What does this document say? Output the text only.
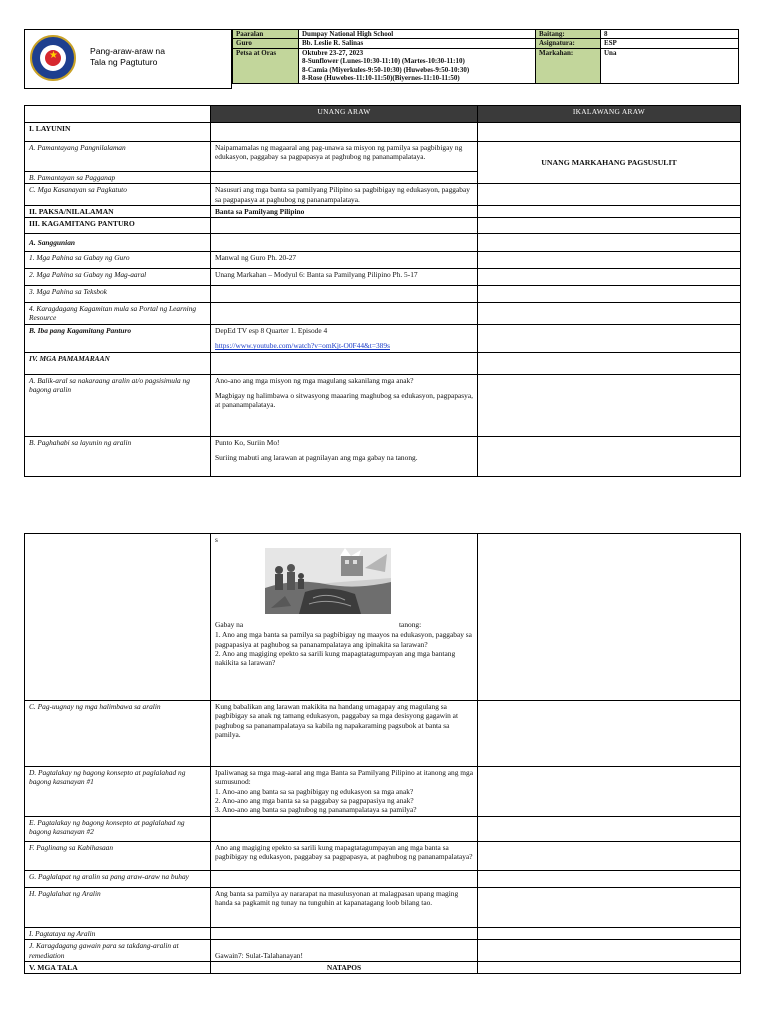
★	Pang-araw-araw na
Tala ng Pagtuturo
Paaralan	Dumpay National High School	Baitang:	8
Guro	Bb. Leslie R. Salinas	Asignatura:	ESP
Petsa at Oras	Oktubre 23-27, 2023
8-Sunflower (Lunes-10:30-11:10) (Martes-10:30-11:10)
8-Camia (Miyerkules-9:50-10:30) (Huwebes-9:50-10:30)
8-Rose (Huwebes-11:10-11:50)(Biyernes-11:10-11:50)	Markahan:	Una
	UNANG ARAW	IKALAWANG ARAW
I. LAYUNIN		
A. Pamantayang Pangnilalaman	Naipamamalas ng magaaral ang pag-unawa sa misyon ng pamilya sa pagbibigay ng edukasyon, paggabay sa pagpapasya at paghubog ng pananampalataya.	UNANG MARKAHANG PAGSUSULIT
B. Pamantayan sa Pagganap		
C. Mga Kasanayan sa Pagkatuto	Nasusuri ang mga banta sa pamilyang Pilipino sa pagbibigay ng edukasyon, paggabay sa pagpapasya at paghubog ng pananampalataya.	
II. PAKSA/NILALAMAN	Banta sa Pamilyang Pilipino	
III. KAGAMITANG PANTURO		
A. Sanggunian		
1. Mga Pahina sa Gabay ng Guro	Manwal ng Guro Ph. 20-27	
2. Mga Pahina sa Gabay ng Mag-aaral	Unang Markahan – Modyul 6: Banta sa Pamilyang Pilipino Ph. 5-17	
3. Mga Pahina sa Teksbok		
4. Karagdagang Kagamitan mula sa Portal ng Learning Resource		
B. Iba pang Kagamitang Panturo	DepEd TV esp 8 Quarter 1. Episode 4

https://www.youtube.com/watch?v=omKjt-O0F44&t=389s	
IV. MGA PAMAMARAAN		
A. Balik-aral sa nakaraang aralin at/o pagsisimula ng bagong aralin	Ano-ano ang mga misyon ng mga magulang sakanilang mga anak?

Magbigay ng halimbawa o sitwasyong maaaring maghubog sa edukasyon, pagpapasya, at pananampalataya.	

B. Paghahabi sa layunin ng aralin	Punto Ko, Suriin Mo!

Suriing mabuti ang larawan at pagnilayan ang mga gabay na tanong.	

	s
Gabay na tanong:

1. Ano ang mga banta sa pamilya sa pagbibigay ng maayos na edukasyon, paggabay sa pagpapasiya at paghubog sa pananampalataya ang ipinakita sa larawan?

2. Ano ang magiging epekto sa sarili kung mapagtatagumpayan ang mga bantang nakikita sa larawan?	

C. Pag-uugnay ng mga halimbawa sa aralin	Kung babalikan ang larawan makikita na handang umagapay ang magulang sa pagbibigay sa anak ng tamang edukasyon, paggabay sa mga desisyong gagawin at paghubog sa pananampalataya sa kabila ng napakaraming pagsubok at banta sa pamilya.	
D. Pagtalakay ng bagong konsepto at paglalahad ng bagong kasanayan #1	Ipaliwanag sa mga mag-aaral ang mga Banta sa Pamilyang Pilipino at itanong ang mga sumusunod:

1. Ano-ano ang banta sa sa pagbibigay ng edukasyon sa mga anak?

2. Ano-ano ang mga banta sa sa paggabay sa pagpapasiya ng anak?

3. Ano-ano ang banta sa paghubog ng pananampalataya sa pamilya?	

E. Pagtalakay ng bagong konsepto at paglalahad ng bagong kasanayan #2		
F. Paglinang sa Kabihasaan	Ano ang magiging epekto sa sarili kung mapagtatagumpayan ang mga banta sa pagbibigay ng edukasyon, paggabay sa pagpapasya, at paghubog ng pananampalataya?	
G. Paglalapat ng aralin sa pang araw-araw na buhay		
H. Paglalahat ng Aralin	Ang banta sa pamilya ay nararapat na masulusyonan at malagpasan upang maging handa sa pagkamit ng tunay na tunguhin at kapanatagang loob bilang tao.	
I. Pagtataya ng Aralin		
J. Karagdagang gawain para sa takdang-aralin at remediation	Gawain7: Sulat-Talahanayan!	
V. MGA TALA	NATAPOS	
